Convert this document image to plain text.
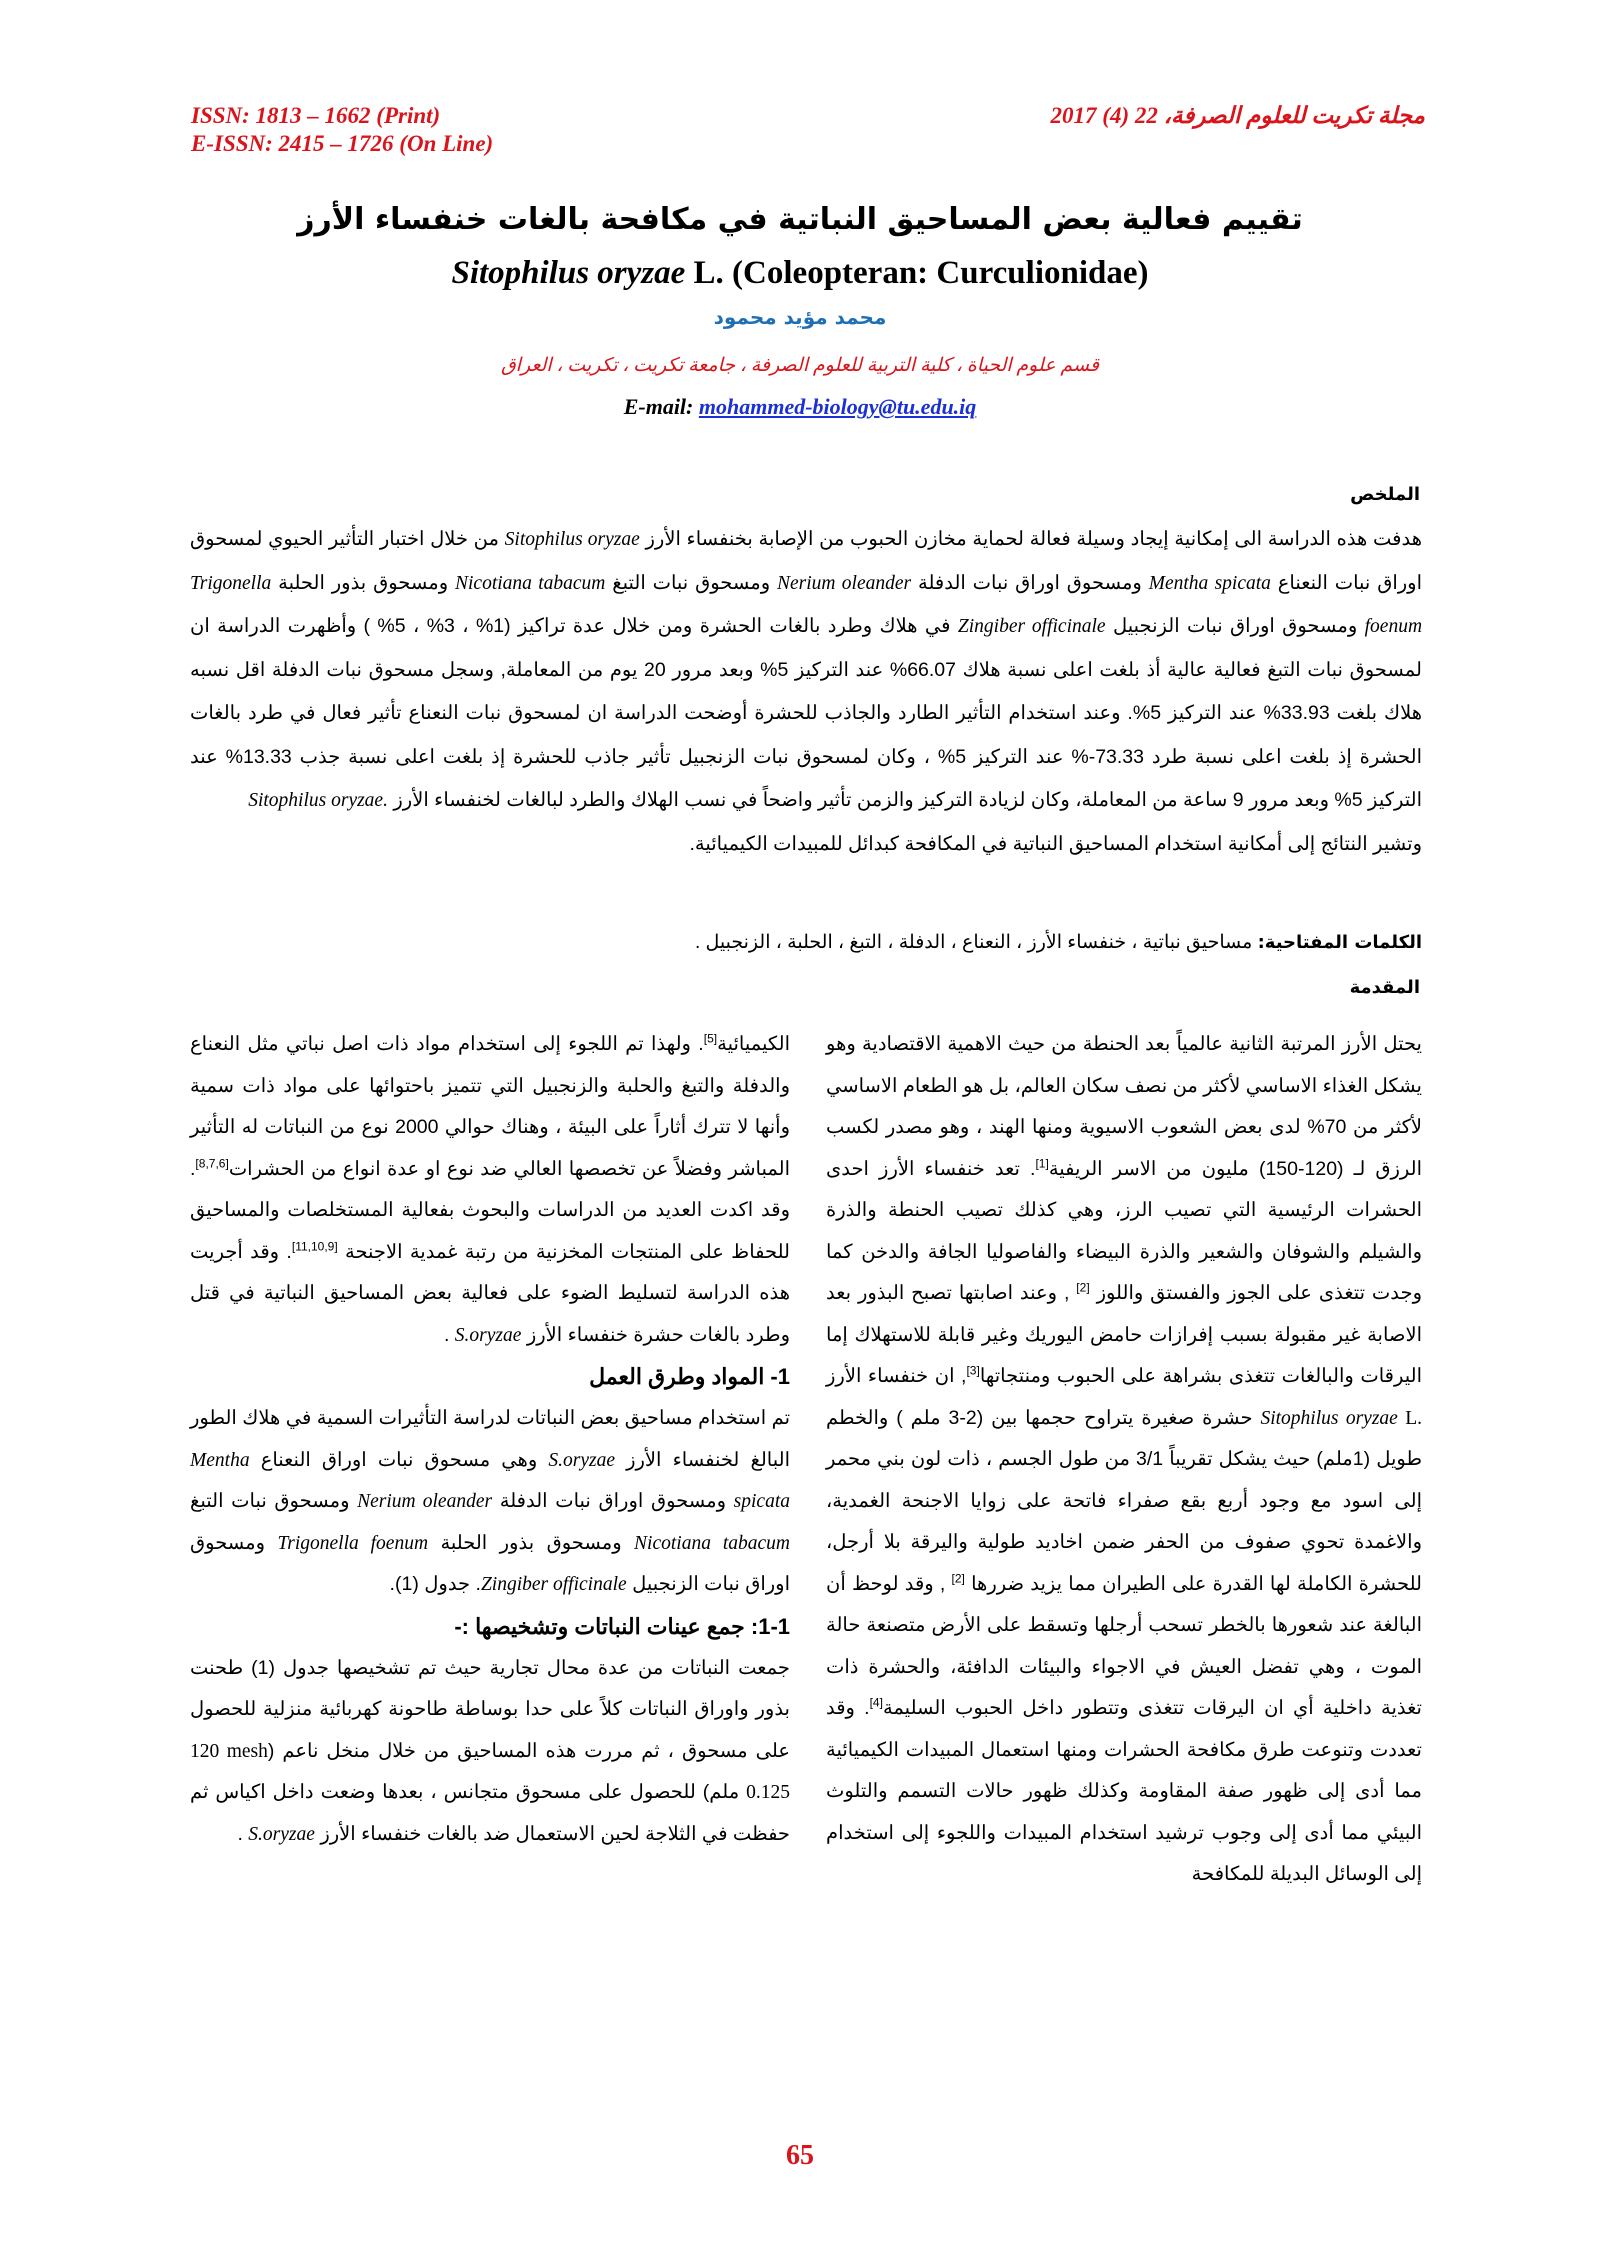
ISSN: 1813 – 1662 (Print)
E-ISSN: 2415 – 1726 (On Line)
مجلة تكريت للعلوم الصرفة، 22 (4) 2017
تقييم فعالية بعض المساحيق النباتية في مكافحة بالغات خنفساء الأرز
Sitophilus oryzae L. (Coleopteran: Curculionidae)
محمد مؤيد محمود
قسم علوم الحياة ، كلية التربية للعلوم الصرفة ، جامعة تكريت ، تكريت ، العراق
E-mail: mohammed-biology@tu.edu.iq
الملخص
هدفت هذه الدراسة الى إمكانية إيجاد وسيلة فعالة لحماية مخازن الحبوب من الإصابة بخنفساء الأرز Sitophilus oryzae من خلال اختبار التأثير الحيوي لمسحوق اوراق نبات النعناع Mentha spicata ومسحوق اوراق نبات الدفلة Nerium oleander ومسحوق نبات التبغ Nicotiana tabacum ومسحوق بذور الحلبة Trigonella foenum ومسحوق اوراق نبات الزنجبيل Zingiber officinale في هلاك وطرد بالغات الحشرة ومن خلال عدة تراكيز (1% ، 3% ، 5% ) وأظهرت الدراسة ان لمسحوق نبات التبغ فعالية عالية أذ بلغت اعلى نسبة هلاك 66.07% عند التركيز 5% وبعد مرور 20 يوم من المعاملة, وسجل مسحوق نبات الدفلة اقل نسبه هلاك بلغت 33.93% عند التركيز 5%. وعند استخدام التأثير الطارد والجاذب للحشرة أوضحت الدراسة ان لمسحوق نبات النعناع تأثير فعال في طرد بالغات الحشرة إذ بلغت اعلى نسبة طرد 73.33-% عند التركيز 5% ، وكان لمسحوق نبات الزنجبيل تأثير جاذب للحشرة إذ بلغت اعلى نسبة جذب 13.33% عند التركيز 5% وبعد مرور 9 ساعة من المعاملة، وكان لزيادة التركيز والزمن تأثير واضحاً في نسب الهلاك والطرد لبالغات لخنفساء الأرز Sitophilus oryzae.
وتشير النتائج إلى أمكانية استخدام المساحيق النباتية في المكافحة كبدائل للمبيدات الكيميائية.
الكلمات المفتاحية: مساحيق نباتية ، خنفساء الأرز ، النعناع ، الدفلة ، التبغ ، الحلبة ، الزنجبيل .
المقدمة

يحتل الأرز المرتبة الثانية عالمياً بعد الحنطة من حيث الاهمية الاقتصادية وهو يشكل الغذاء الاساسي لأكثر من نصف سكان العالم، بل هو الطعام الاساسي لأكثر من 70% لدى بعض الشعوب الاسيوية ومنها الهند ، وهو مصدر لكسب الرزق لـ (120-150) مليون من الاسر الريفية[1]. تعد خنفساء الأرز احدى الحشرات الرئيسية التي تصيب الرز، وهي كذلك تصيب الحنطة والذرة والشيلم والشوفان والشعير والذرة البيضاء والفاصوليا الجافة والدخن كما وجدت تتغذى على الجوز والفستق واللوز [2] , وعند اصابتها تصبح البذور بعد الاصابة غير مقبولة بسبب إفرازات حامض اليوريك وغير قابلة للاستهلاك إما اليرقات والبالغات تتغذى بشراهة على الحبوب ومنتجاتها[3], ان خنفساء الأرز Sitophilus oryzae L. حشرة صغيرة يتراوح حجمها بين (2-3 ملم ) والخطم طويل (1ملم) حيث يشكل تقريباً 3/1 من طول الجسم ، ذات لون بني محمر إلى اسود مع وجود أربع بقع صفراء فاتحة على زوايا الاجنحة الغمدية، والاغمدة تحوي صفوف من الحفر ضمن اخاديد طولية واليرقة بلا أرجل، للحشرة الكاملة لها القدرة على الطيران مما يزيد ضررها [2] , وقد لوحظ أن البالغة عند شعورها بالخطر تسحب أرجلها وتسقط على الأرض متصنعة حالة الموت ، وهي تفضل العيش في الاجواء والبيئات الدافئة، والحشرة ذات تغذية داخلية أي ان اليرقات تتغذى وتتطور داخل الحبوب السليمة[4]. وقد تعددت وتنوعت طرق مكافحة الحشرات ومنها استعمال المبيدات الكيميائية مما أدى إلى ظهور صفة المقاومة وكذلك ظهور حالات التسمم والتلوث البيئي مما أدى إلى وجوب ترشيد استخدام المبيدات واللجوء إلى استخدام إلى الوسائل البديلة للمكافحة

الكيميائية[5]. ولهذا تم اللجوء إلى استخدام مواد ذات اصل نباتي مثل النعناع والدفلة والتبغ والحلبة والزنجبيل التي تتميز باحتوائها على مواد ذات سمية وأنها لا تترك أثاراً على البيئة ، وهناك حوالي 2000 نوع من النباتات له التأثير المباشر وفضلاً عن تخصصها العالي ضد نوع او عدة انواع من الحشرات[8,7,6]. وقد اكدت العديد من الدراسات والبحوث بفعالية المستخلصات والمساحيق للحفاظ على المنتجات المخزنية من رتبة غمدية الاجنحة [11,10,9]. وقد أجريت هذه الدراسة لتسليط الضوء على فعالية بعض المساحيق النباتية في قتل وطرد بالغات حشرة خنفساء الأرز S.oryzae .

1- المواد وطرق العمل

تم استخدام مساحيق بعض النباتات لدراسة التأثيرات السمية في هلاك الطور البالغ لخنفساء الأرز S.oryzae وهي مسحوق نبات اوراق النعناع Mentha spicata ومسحوق اوراق نبات الدفلة Nerium oleander ومسحوق نبات التبغ Nicotiana tabacum ومسحوق بذور الحلبة Trigonella foenum ومسحوق اوراق نبات الزنجبيل Zingiber officinale. جدول (1).

1-1: جمع عينات النباتات وتشخيصها :-

جمعت النباتات من عدة محال تجارية حيث تم تشخيصها جدول (1) طحنت بذور واوراق النباتات كلاً على حدا بوساطة طاحونة كهربائية منزلية للحصول على مسحوق ، ثم مررت هذه المساحيق من خلال منخل ناعم (120 mesh 0.125 ملم) للحصول على مسحوق متجانس ، بعدها وضعت داخل اكياس ثم حفظت في الثلاجة لحين الاستعمال ضد بالغات خنفساء الأرز S.oryzae .

65
